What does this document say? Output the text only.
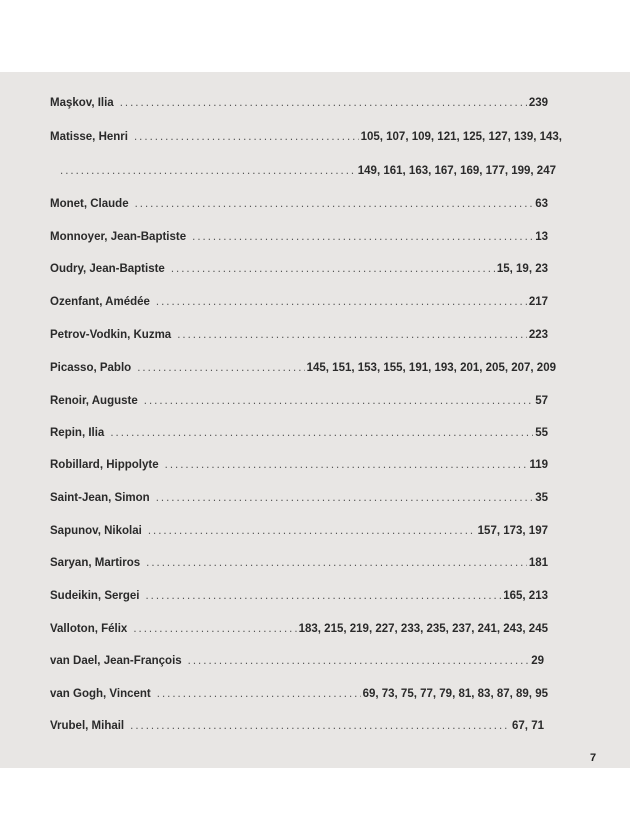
Maşkov, Ilia .....	239
Matisse, Henri .....	105, 107, 109, 121, 125, 127, 139, 143,
.....
149, 161, 163, 167, 169, 177, 199, 247
Monet, Claude .....	63
Monnoyer, Jean-Baptiste .....	13
Oudry, Jean-Baptiste .....	15, 19, 23
Ozenfant, Amédée .....	217
Petrov-Vodkin, Kuzma .....	223
Picasso, Pablo .....	145, 151, 153, 155, 191, 193, 201, 205, 207, 209
Renoir, Auguste .....	57
Repin, Ilia .....	55
Robillard, Hippolyte .....	119
Saint-Jean, Simon .....	35
Sapunov, Nikolai .....	157, 173, 197
Saryan, Martiros .....	181
Sudeikin, Sergei .....	165, 213
Valloton, Félix .....	183, 215, 219, 227, 233, 235, 237, 241, 243, 245
van Dael, Jean-François .....	29
van Gogh, Vincent .....	69, 73, 75, 77, 79, 81, 83, 87, 89, 95
Vrubel, Mihail .....	67, 71
7
